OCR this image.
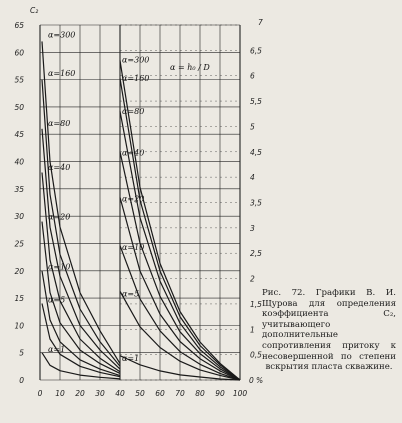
0 10 20 30 40 50 60 70 80 90 100
%
0
5
10
15
20
25
30
35
40
45
50
55
60
65
0,5
1
1,5
2
2,5
3
3,5
4
4,5
5
5,5
6
6,5
0
α=300
α=160
α=80
α=40
α=20
α=10
α=5
α=1
α=300
α=160
α=80
α=40
α=20
α=10
α=5
α=1
C₂
7
α = h₀ / D
Рис. 72. Графики В. И. Щурова для определения коэффициента С₂, учитывающего дополнительные сопротивления притоку к несовершенной по степени вскрытия пласта скважине.
